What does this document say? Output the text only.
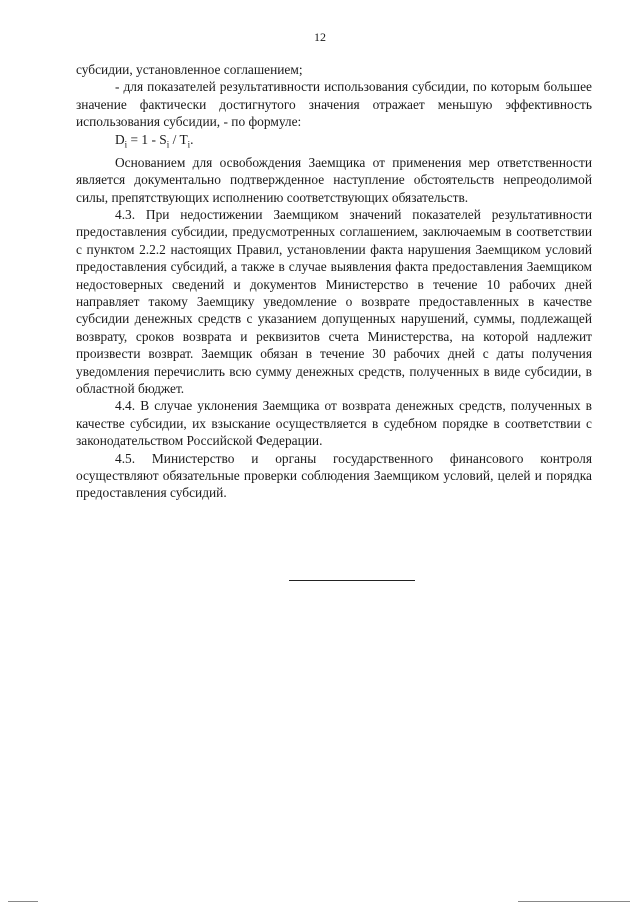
12

субсидии, установленное соглашением;

- для показателей результативности использования субсидии, по которым большее значение фактически достигнутого значения отражает меньшую эффективность использования субсидии, - по формуле:

$D_i = 1 - S_i / T_i$.

Основанием для освобождения Заемщика от применения мер ответственности является документально подтвержденное наступление обстоятельств непреодолимой силы, препятствующих исполнению соответствующих обязательств.

4.3. При недостижении Заемщиком значений показателей результативности предоставления субсидии, предусмотренных соглашением, заключаемым в соответствии с пунктом 2.2.2 настоящих Правил, установлении факта нарушения Заемщиком условий предоставления субсидий, а также в случае выявления факта предоставления Заемщиком недостоверных сведений и документов Министерство в течение 10 рабочих дней направляет такому Заемщику уведомление о возврате предоставленных в качестве субсидии денежных средств с указанием допущенных нарушений, суммы, подлежащей возврату, сроков возврата и реквизитов счета Министерства, на которой надлежит произвести возврат. Заемщик обязан в течение 30 рабочих дней с даты получения уведомления перечислить всю сумму денежных средств, полученных в виде субсидии, в областной бюджет.

4.4. В случае уклонения Заемщика от возврата денежных средств, полученных в качестве субсидии, их взыскание осуществляется в судебном порядке в соответствии с законодательством Российской Федерации.

4.5. Министерство и органы государственного финансового контроля осуществляют обязательные проверки соблюдения Заемщиком условий, целей и порядка предоставления субсидий.
